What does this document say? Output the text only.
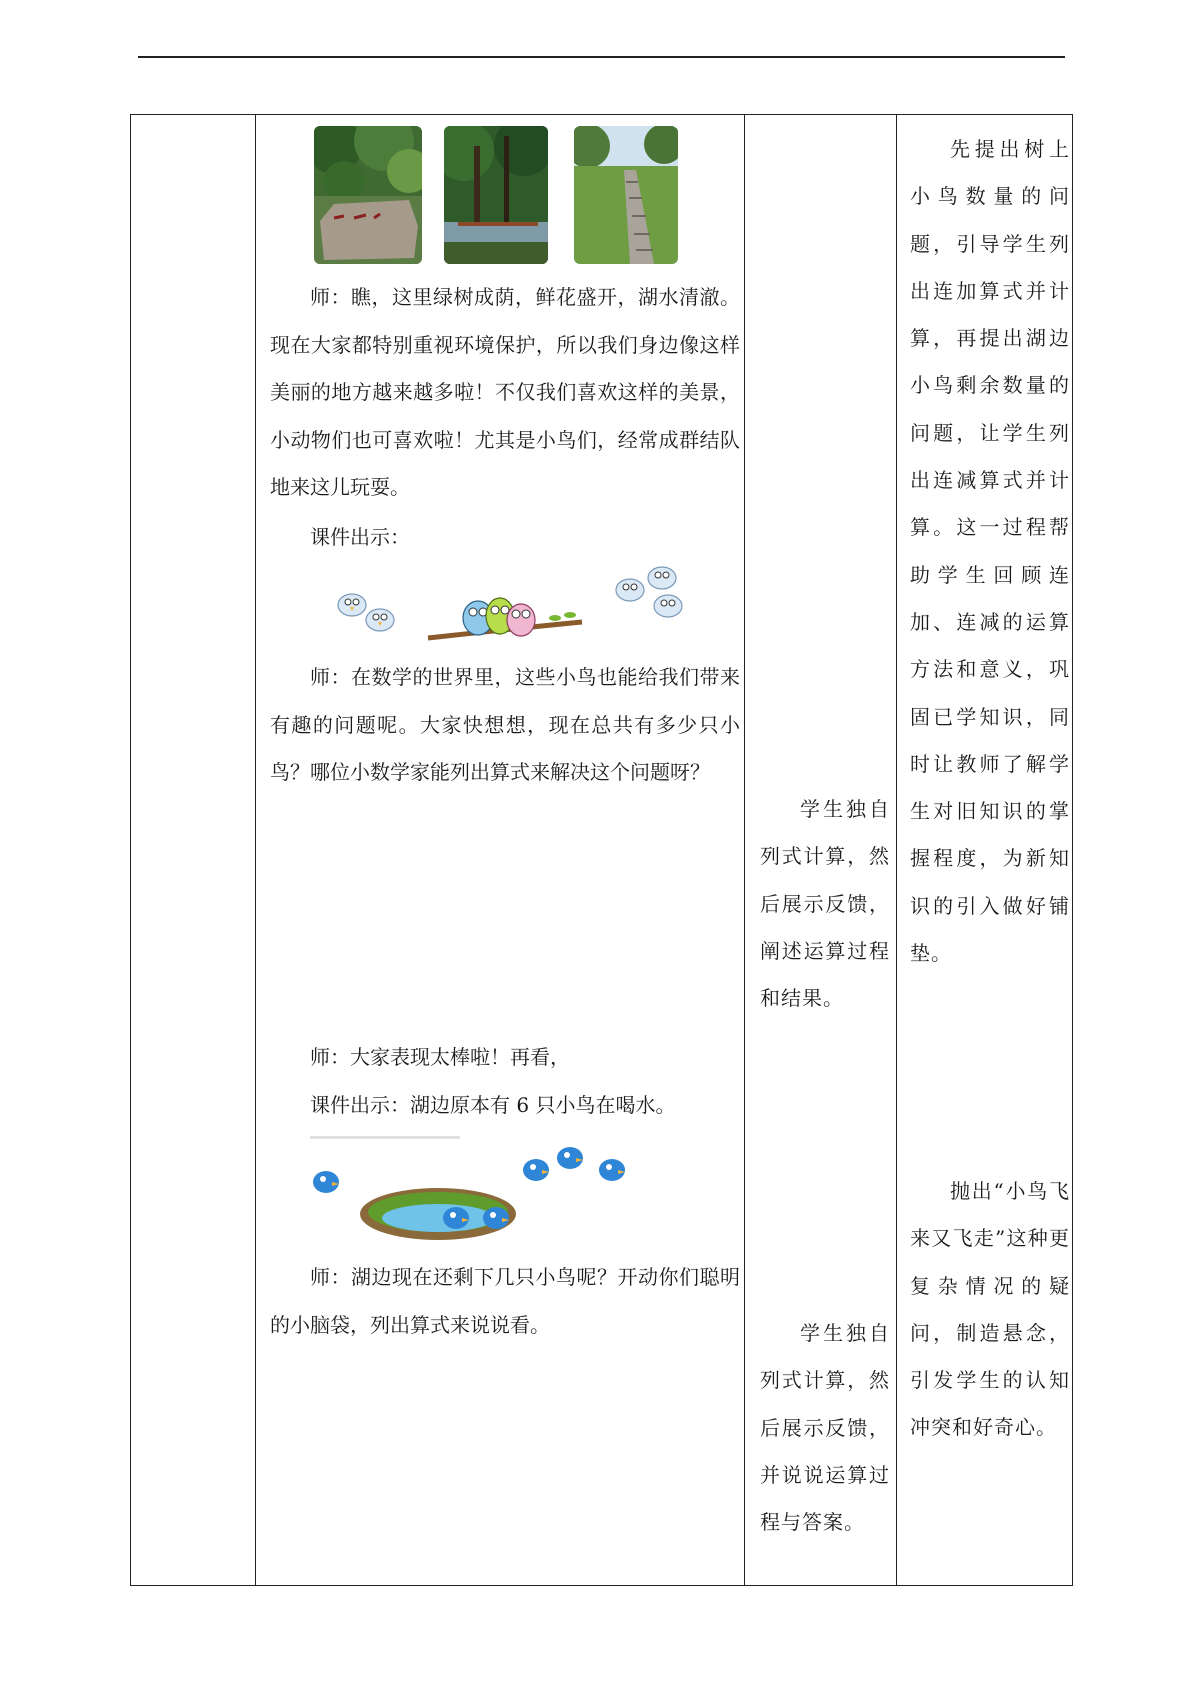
师：瞧，这里绿树成荫，鲜花盛开，湖水清澈。现在大家都特别重视环境保护，所以我们身边像这样美丽的地方越来越多啦！不仅我们喜欢这样的美景，小动物们也可喜欢啦！尤其是小鸟们，经常成群结队地来这儿玩耍。
课件出示：
师：在数学的世界里，这些小鸟也能给我们带来有趣的问题呢。大家快想想，现在总共有多少只小鸟？哪位小数学家能列出算式来解决这个问题呀？
师：大家表现太棒啦！再看，
课件出示：湖边原本有 6 只小鸟在喝水。
师：湖边现在还剩下几只小鸟呢？开动你们聪明的小脑袋，列出算式来说说看。
学生独自列式计算，然后展示反馈，阐述运算过程和结果。
学生独自列式计算，然后展示反馈，并说说运算过程与答案。
先提出树上小鸟数量的问题，引导学生列出连加算式并计算，再提出湖边小鸟剩余数量的问题，让学生列出连减算式并计算。这一过程帮助学生回顾连加、连减的运算方法和意义，巩固已学知识，同时让教师了解学生对旧知识的掌握程度，为新知识的引入做好铺垫。
抛出“小鸟飞来又飞走”这种更复杂情况的疑问，制造悬念，引发学生的认知冲突和好奇心。
